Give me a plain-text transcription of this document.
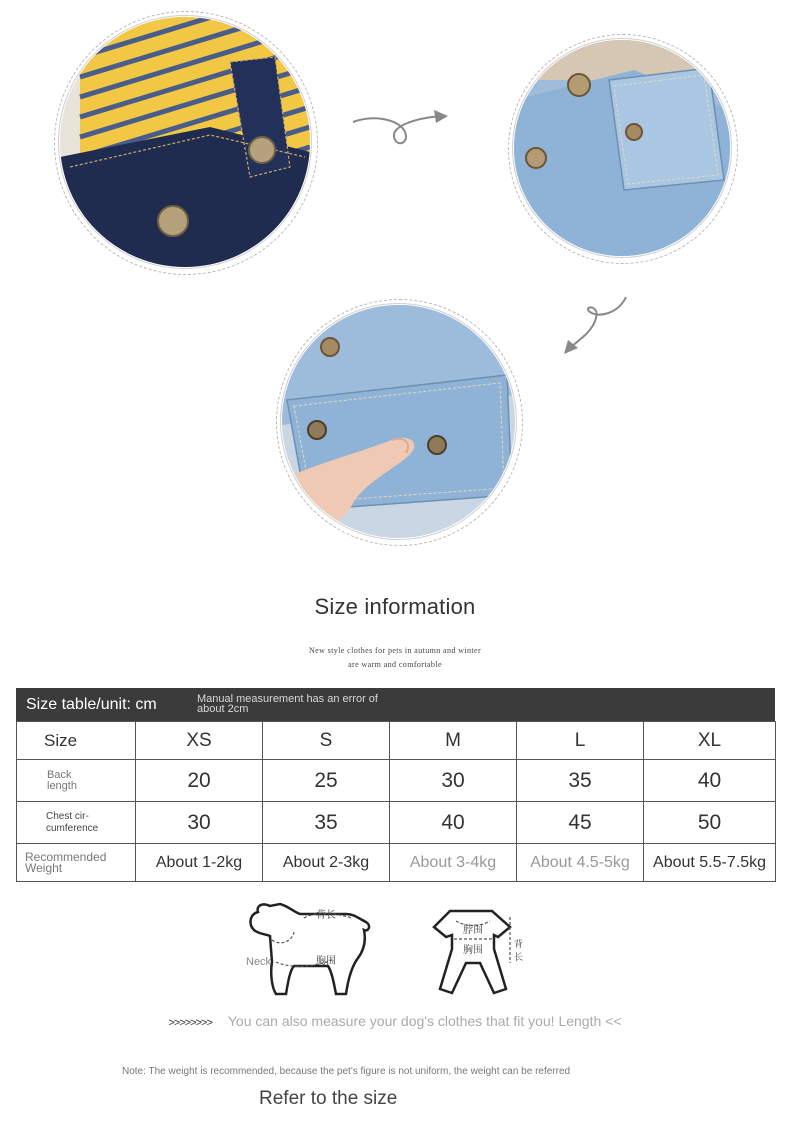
Size information
New style clothes for pets in autumn and winter
are warm and comfortable
Size table/unit: cm	Manual measurement has an error of about 2cm
Size	XS	S	M	L	XL

Back length	20	25	30	35	40

Chest cir-cumference	30	35	40	45	50

Recommended Weight	About 1-2kg	About 2-3kg	About 3-4kg	About 4.5-5kg	About 5.5-7.5kg
背长
胸围
Neck
脖围
胸围
背
长
>>>>>>>> You can also measure your dog's clothes that fit you! Length <<
Note: The weight is recommended, because the pet's figure is not uniform, the weight can be referred
Refer to the size
